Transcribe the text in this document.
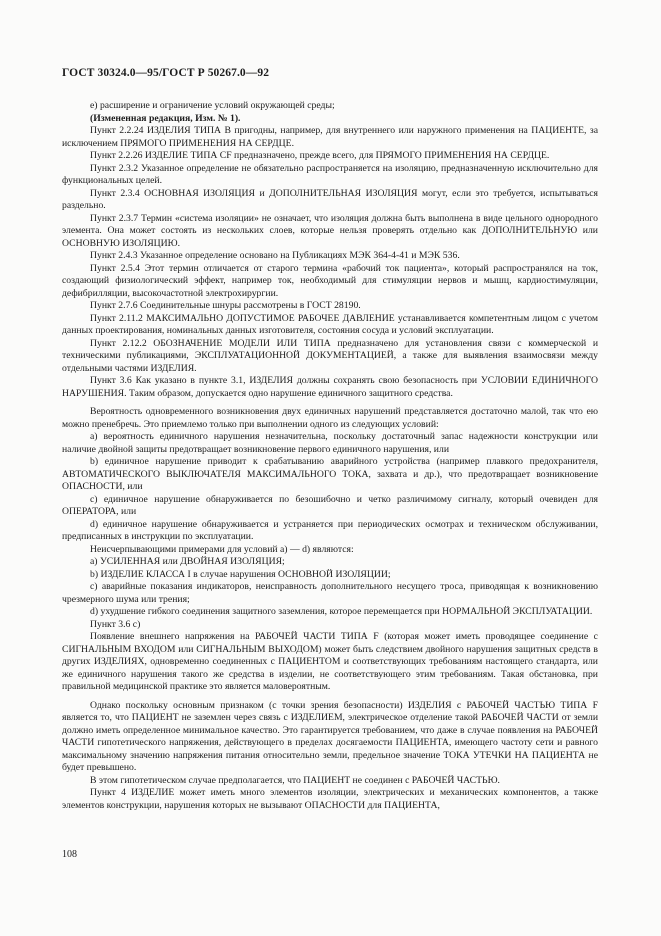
ГОСТ 30324.0—95/ГОСТ Р 50267.0—92

е) расширение и ограничение условий окружающей среды;

(Измененная редакция, Изм. № 1).

Пункт 2.2.24 ИЗДЕЛИЯ ТИПА В пригодны, например, для внутреннего или наружного применения на ПАЦИЕНТЕ, за исключением ПРЯМОГО ПРИМЕНЕНИЯ НА СЕРДЦЕ.

Пункт 2.2.26 ИЗДЕЛИЕ ТИПА CF предназначено, прежде всего, для ПРЯМОГО ПРИМЕНЕНИЯ НА СЕРДЦЕ.

Пункт 2.3.2 Указанное определение не обязательно распространяется на изоляцию, предназначенную исключительно для функциональных целей.

Пункт 2.3.4 ОСНОВНАЯ ИЗОЛЯЦИЯ и ДОПОЛНИТЕЛЬНАЯ ИЗОЛЯЦИЯ могут, если это требуется, испытываться раздельно.

Пункт 2.3.7 Термин «система изоляции» не означает, что изоляция должна быть выполнена в виде цельного однородного элемента. Она может состоять из нескольких слоев, которые нельзя проверять отдельно как ДОПОЛНИТЕЛЬНУЮ или ОСНОВНУЮ ИЗОЛЯЦИЮ.

Пункт 2.4.3 Указанное определение основано на Публикациях МЭК 364-4-41 и МЭК 536.

Пункт 2.5.4 Этот термин отличается от старого термина «рабочий ток пациента», который распространялся на ток, создающий физиологический эффект, например ток, необходимый для стимуляции нервов и мышц, кардиостимуляции, дефибрилляции, высокочастотной электрохирургии.

Пункт 2.7.6 Соединительные шнуры рассмотрены в ГОСТ 28190.

Пункт 2.11.2 МАКСИМАЛЬНО ДОПУСТИМОЕ РАБОЧЕЕ ДАВЛЕНИЕ устанавливается компетентным лицом с учетом данных проектирования, номинальных данных изготовителя, состояния сосуда и условий эксплуатации.

Пункт 2.12.2 ОБОЗНАЧЕНИЕ МОДЕЛИ ИЛИ ТИПА предназначено для установления связи с коммерческой и техническими публикациями, ЭКСПЛУАТАЦИОННОЙ ДОКУМЕНТАЦИЕЙ, а также для выявления взаимосвязи между отдельными частями ИЗДЕЛИЯ.

Пункт 3.6 Как указано в пункте 3.1, ИЗДЕЛИЯ должны сохранять свою безопасность при УСЛОВИИ ЕДИНИЧНОГО НАРУШЕНИЯ. Таким образом, допускается одно нарушение единичного защитного средства.

Вероятность одновременного возникновения двух единичных нарушений представляется достаточно малой, так что ею можно пренебречь. Это приемлемо только при выполнении одного из следующих условий:

а) вероятность единичного нарушения незначительна, поскольку достаточный запас надежности конструкции или наличие двойной защиты предотвращает возникновение первого единичного нарушения, или

b) единичное нарушение приводит к срабатыванию аварийного устройства (например плавкого предохранителя, АВТОМАТИЧЕСКОГО ВЫКЛЮЧАТЕЛЯ МАКСИМАЛЬНОГО ТОКА, захвата и др.), что предотвращает возникновение ОПАСНОСТИ, или

с) единичное нарушение обнаруживается по безошибочно и четко различимому сигналу, который очевиден для ОПЕРАТОРА, или

d) единичное нарушение обнаруживается и устраняется при периодических осмотрах и техническом обслуживании, предписанных в инструкции по эксплуатации.

Неисчерпывающими примерами для условий а) — d) являются:

a) УСИЛЕННАЯ или ДВОЙНАЯ ИЗОЛЯЦИЯ;

b) ИЗДЕЛИЕ КЛАССА I в случае нарушения ОСНОВНОЙ ИЗОЛЯЦИИ;

c) аварийные показания индикаторов, неисправность дополнительного несущего троса, приводящая к возникновению чрезмерного шума или трения;

d) ухудшение гибкого соединения защитного заземления, которое перемещается при НОРМАЛЬНОЙ ЭКСПЛУАТАЦИИ.

Пункт 3.6 с)

Появление внешнего напряжения на РАБОЧЕЙ ЧАСТИ ТИПА F (которая может иметь проводящее соединение с СИГНАЛЬНЫМ ВХОДОМ или СИГНАЛЬНЫМ ВЫХОДОМ) может быть следствием двойного нарушения защитных средств в других ИЗДЕЛИЯХ, одновременно соединенных с ПАЦИЕНТОМ и соответствующих требованиям настоящего стандарта, или же единичного нарушения такого же средства в изделии, не соответствующего этим требованиям. Такая обстановка, при правильной медицинской практике это является маловероятным.

Однако поскольку основным признаком (с точки зрения безопасности) ИЗДЕЛИЯ с РАБОЧЕЙ ЧАСТЬЮ ТИПА F является то, что ПАЦИЕНТ не заземлен через связь с ИЗДЕЛИЕМ, электрическое отделение такой РАБОЧЕЙ ЧАСТИ от земли должно иметь определенное минимальное качество. Это гарантируется требованием, что даже в случае появления на РАБОЧЕЙ ЧАСТИ гипотетического напряжения, действующего в пределах досягаемости ПАЦИЕНТА, имеющего частоту сети и равного максимальному значению напряжения питания относительно земли, предельное значение ТОКА УТЕЧКИ НА ПАЦИЕНТА не будет превышено.

В этом гипотетическом случае предполагается, что ПАЦИЕНТ не соединен с РАБОЧЕЙ ЧАСТЬЮ.

Пункт 4 ИЗДЕЛИЕ может иметь много элементов изоляции, электрических и механических компонентов, а также элементов конструкции, нарушения которых не вызывают ОПАСНОСТИ для ПАЦИЕНТА,

108
